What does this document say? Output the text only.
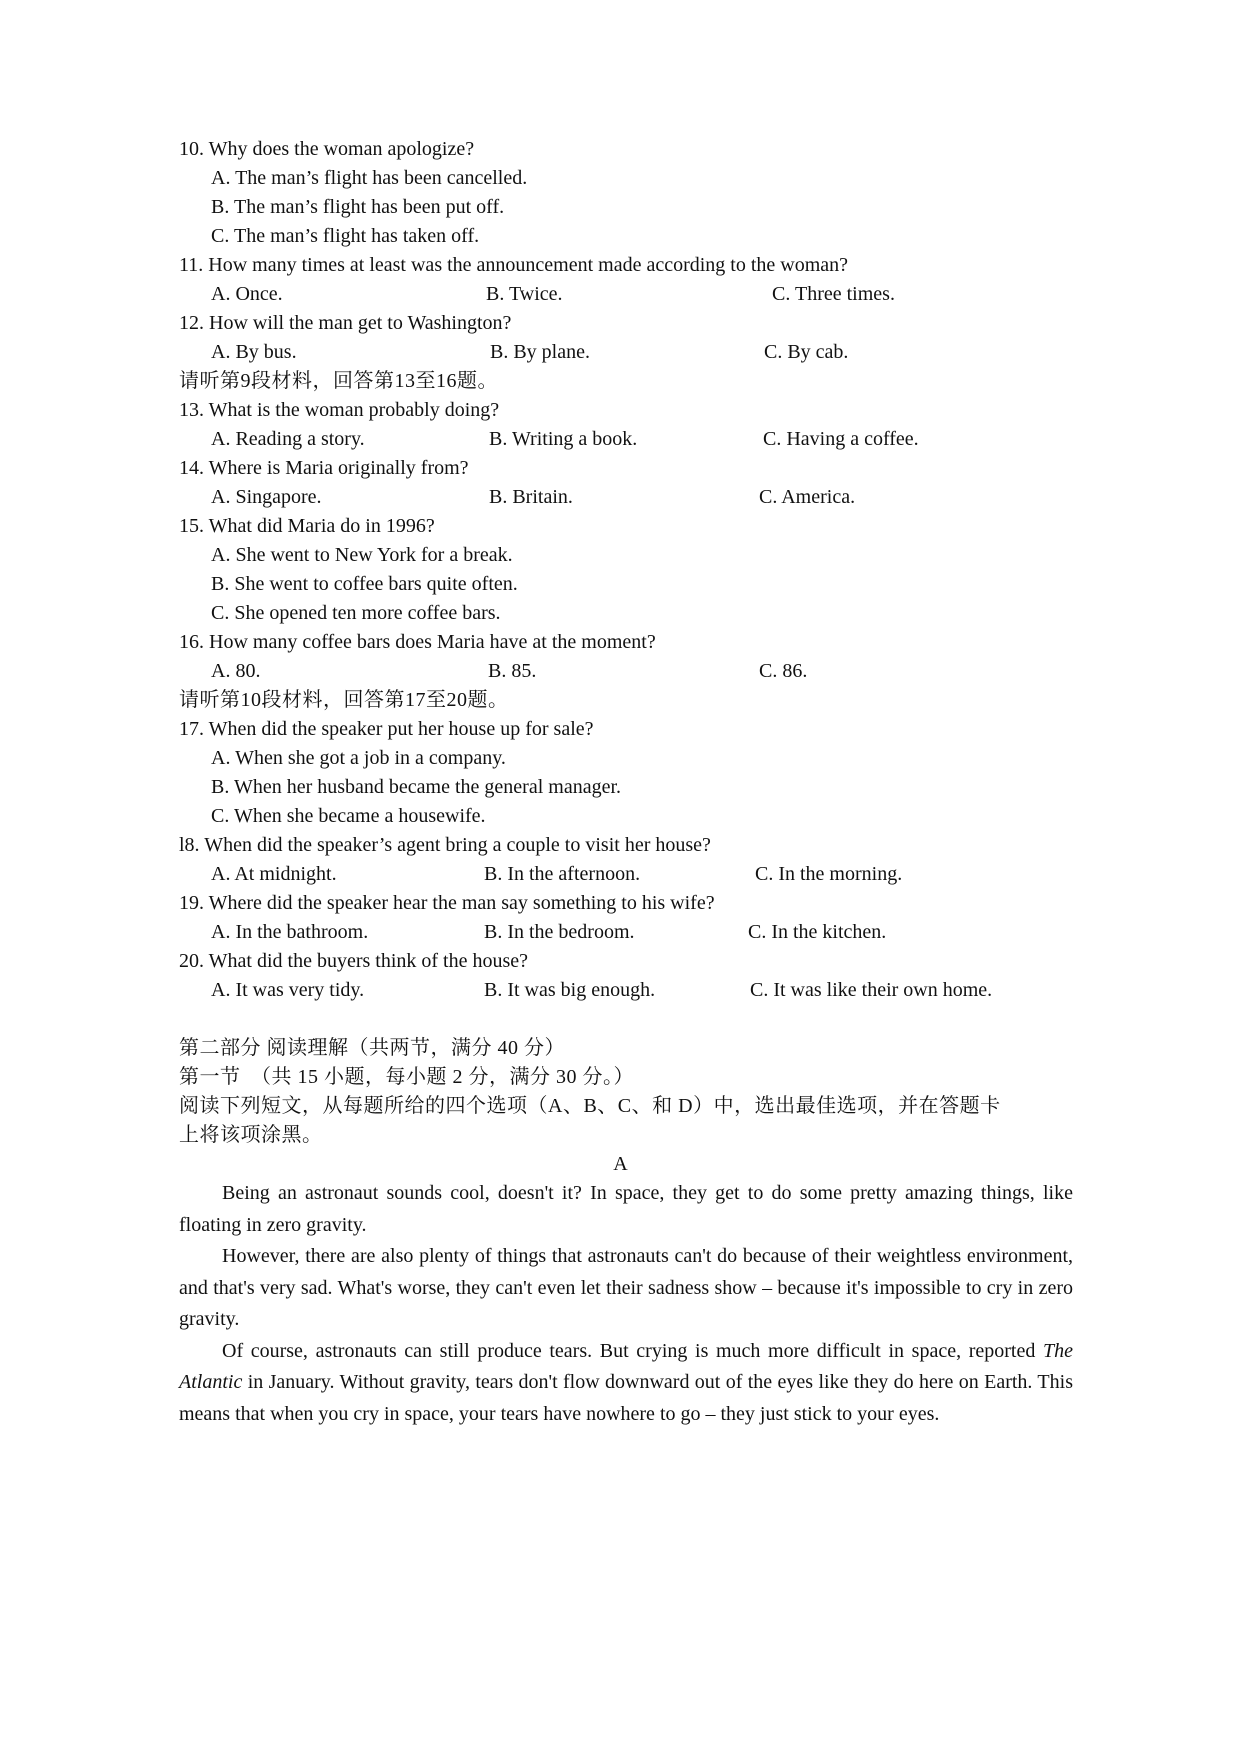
10. Why does the woman apologize?
A. The man’s flight has been cancelled.
B. The man’s flight has been put off.
C. The man’s flight has taken off.
11. How many times at least was the announcement made according to the woman?
A. Once.	B. Twice.	C. Three times.
12. How will the man get to Washington?
A. By bus.	B. By plane.	C. By cab.
请听第9段材料，回答第13至16题。
13. What is the woman probably doing?
A. Reading a story.	B. Writing a book.	C. Having a coffee.
14. Where is Maria originally from?
A. Singapore.	B. Britain.	C. America.
15. What did Maria do in 1996?
A. She went to New York for a break.
B. She went to coffee bars quite often.
C. She opened ten more coffee bars.
16. How many coffee bars does Maria have at the moment?
A. 80.	B. 85.	C. 86.
请听第10段材料，回答第17至20题。
17. When did the speaker put her house up for sale?
A. When she got a job in a company.
B. When her husband became the general manager.
C. When she became a housewife.
l8. When did the speaker’s agent bring a couple to visit her house?
A. At midnight.	B. In the afternoon.	C. In the morning.
19. Where did the speaker hear the man say something to his wife?
A. In the bathroom.	B. In the bedroom.	C. In the kitchen.
20. What did the buyers think of the house?
A. It was very tidy.	B. It was big enough.	C. It was like their own home.
第二部分 阅读理解（共两节，满分 40 分）
第一节　（共 15 小题，每小题 2 分，满分 30 分。）
阅读下列短文，从每题所给的四个选项（A、B、C、和 D）中，选出最佳选项，并在答题卡
上将该项涂黑。
A

Being an astronaut sounds cool, doesn't it? In space, they get to do some pretty amazing things, like floating in zero gravity.

However, there are also plenty of things that astronauts can't do because of their weightless environment, and that's very sad. What's worse, they can't even let their sadness show – because it's impossible to cry in zero gravity.

Of course, astronauts can still produce tears. But crying is much more difficult in space, reported The Atlantic in January. Without gravity, tears don't flow downward out of the eyes like they do here on Earth. This means that when you cry in space, your tears have nowhere to go – they just stick to your eyes.
